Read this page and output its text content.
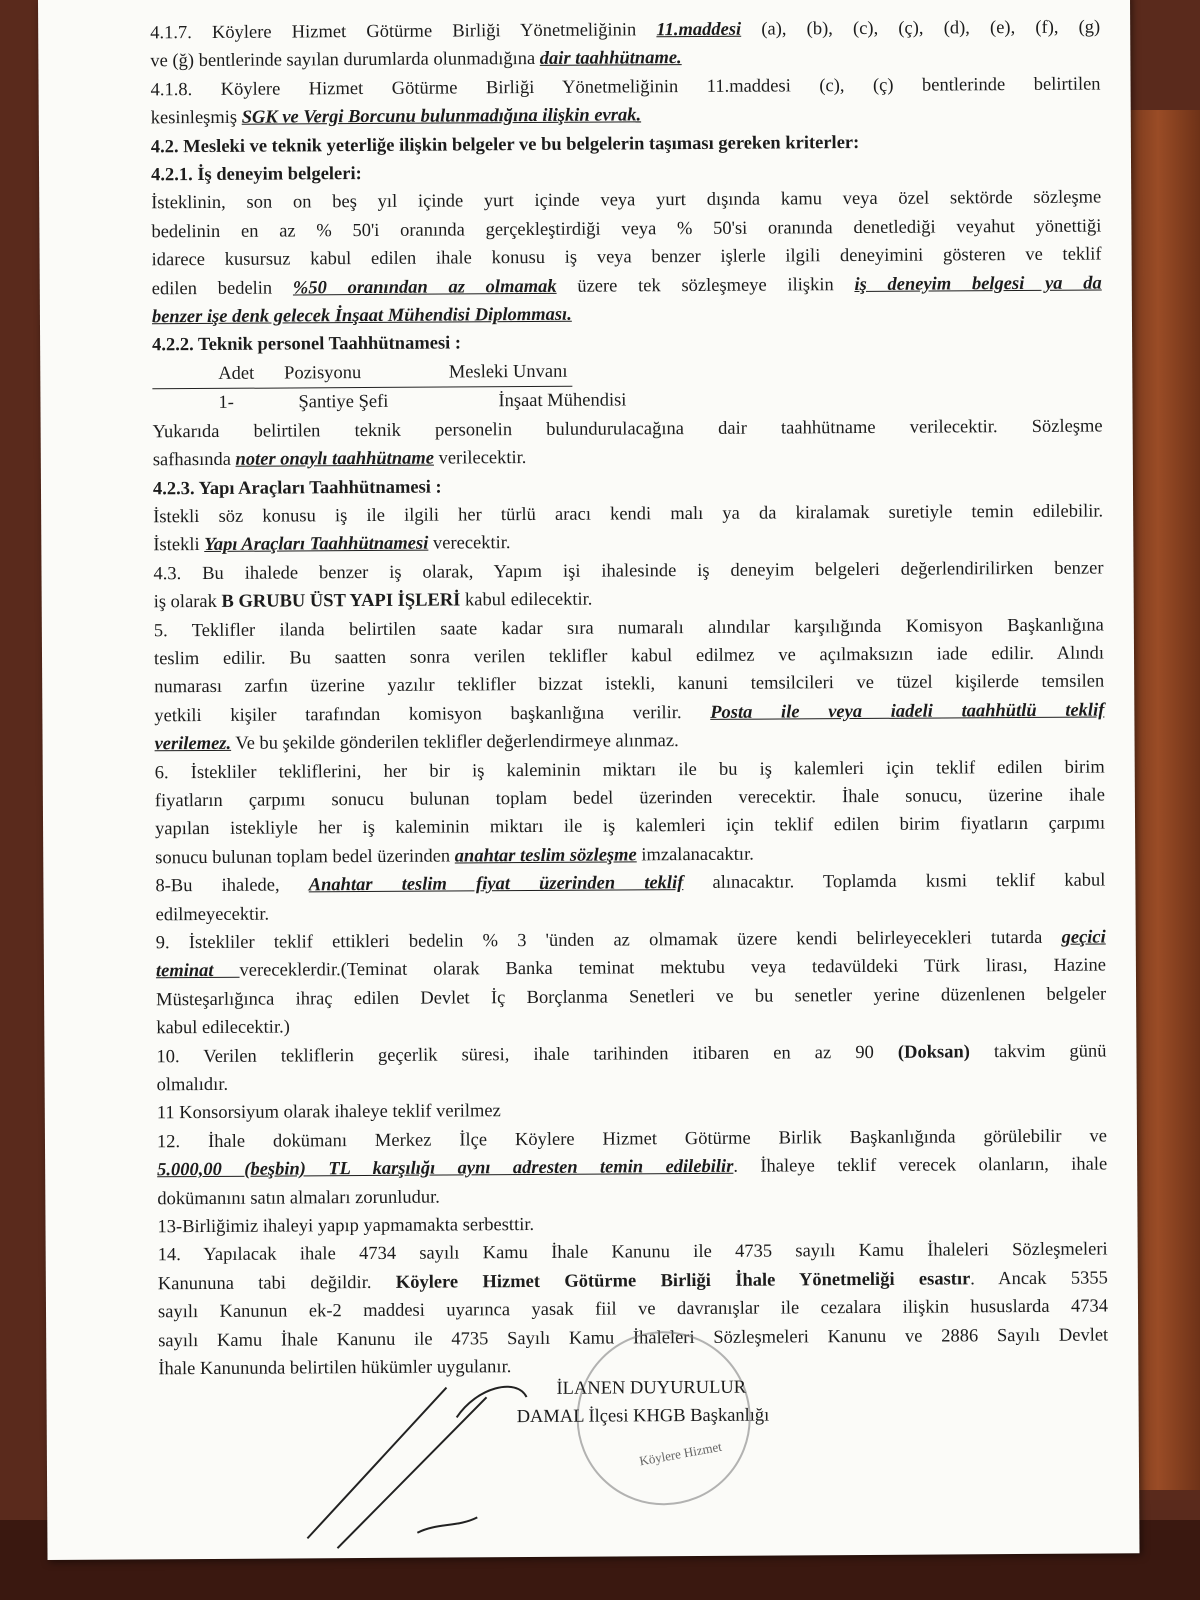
4.1.7. Köylere Hizmet Götürme Birliği Yönetmeliğinin 11.maddesi (a), (b), (c), (ç), (d), (e), (f), (g)
ve (ğ) bentlerinde sayılan durumlarda olunmadığına dair taahhütname.
4.1.8. Köylere Hizmet Götürme Birliği Yönetmeliğinin 11.maddesi (c), (ç) bentlerinde belirtilen
kesinleşmiş SGK ve Vergi Borcunu bulunmadığına ilişkin evrak.
4.2. Mesleki ve teknik yeterliğe ilişkin belgeler ve bu belgelerin taşıması gereken kriterler:
4.2.1. İş deneyim belgeleri:
İsteklinin, son on beş yıl içinde yurt içinde veya yurt dışında kamu veya özel sektörde sözleşme
bedelinin en az % 50'i oranında gerçekleştirdiği veya % 50'si oranında denetlediği veyahut yönettiği
idarece kusursuz kabul edilen ihale konusu iş veya benzer işlerle ilgili deneyimini gösteren ve teklif
edilen bedelin %50 oranından az olmamak üzere tek sözleşmeye ilişkin iş deneyim belgesi ya da
benzer işe denk gelecek İnşaat Mühendisi Diplomması.
4.2.2. Teknik personel Taahhütnamesi :
Adet	Pozisyonu	Mesleki Unvanı
1-	Şantiye Şefi	İnşaat Mühendisi
Yukarıda belirtilen teknik personelin bulundurulacağına dair taahhütname verilecektir. Sözleşme
safhasında noter onaylı taahhütname verilecektir.
4.2.3. Yapı Araçları Taahhütnamesi :
İstekli söz konusu iş ile ilgili her türlü aracı kendi malı ya da kiralamak suretiyle temin edilebilir.
İstekli Yapı Araçları Taahhütnamesi verecektir.
4.3. Bu ihalede benzer iş olarak, Yapım işi ihalesinde iş deneyim belgeleri değerlendirilirken benzer
iş olarak B GRUBU ÜST YAPI İŞLERİ kabul edilecektir.
5. Teklifler ilanda belirtilen saate kadar sıra numaralı alındılar karşılığında Komisyon Başkanlığına
teslim edilir. Bu saatten sonra verilen teklifler kabul edilmez ve açılmaksızın iade edilir. Alındı
numarası zarfın üzerine yazılır teklifler bizzat istekli, kanuni temsilcileri ve tüzel kişilerde temsilen
yetkili kişiler tarafından komisyon başkanlığına verilir. Posta ile veya iadeli taahhütlü teklif
verilemez. Ve bu şekilde gönderilen teklifler değerlendirmeye alınmaz.
6. İstekliler tekliflerini, her bir iş kaleminin miktarı ile bu iş kalemleri için teklif edilen birim
fiyatların çarpımı sonucu bulunan toplam bedel üzerinden verecektir. İhale sonucu, üzerine ihale
yapılan istekliyle her iş kaleminin miktarı ile iş kalemleri için teklif edilen birim fiyatların çarpımı
sonucu bulunan toplam bedel üzerinden anahtar teslim sözleşme imzalanacaktır.
8-Bu ihalede, Anahtar teslim fiyat üzerinden teklif alınacaktır. Toplamda kısmi teklif kabul
edilmeyecektir.
9. İstekliler teklif ettikleri bedelin % 3 'ünden az olmamak üzere kendi belirleyecekleri tutarda geçici
teminat vereceklerdir.(Teminat olarak Banka teminat mektubu veya tedavüldeki Türk lirası, Hazine
Müsteşarlığınca ihraç edilen Devlet İç Borçlanma Senetleri ve bu senetler yerine düzenlenen belgeler
kabul edilecektir.)
10. Verilen tekliflerin geçerlik süresi, ihale tarihinden itibaren en az 90 (Doksan) takvim günü
olmalıdır.
11 Konsorsiyum olarak ihaleye teklif verilmez
12. İhale dokümanı Merkez İlçe Köylere Hizmet Götürme Birlik Başkanlığında görülebilir ve
5.000,00 (beşbin) TL karşılığı aynı adresten temin edilebilir. İhaleye teklif verecek olanların, ihale
dokümanını satın almaları zorunludur.
13-Birliğimiz ihaleyi yapıp yapmamakta serbesttir.
14. Yapılacak ihale 4734 sayılı Kamu İhale Kanunu ile 4735 sayılı Kamu İhaleleri Sözleşmeleri
Kanununa tabi değildir. Köylere Hizmet Götürme Birliği İhale Yönetmeliği esastır. Ancak 5355
sayılı Kanunun ek-2 maddesi uyarınca yasak fiil ve davranışlar ile cezalara ilişkin hususlarda 4734
sayılı Kamu İhale Kanunu ile 4735 Sayılı Kamu İhaleleri Sözleşmeleri Kanunu ve 2886 Sayılı Devlet
İhale Kanununda belirtilen hükümler uygulanır.
Köylere Hizmet
İLANEN DUYURULUR
DAMAL İlçesi KHGB Başkanlığı
